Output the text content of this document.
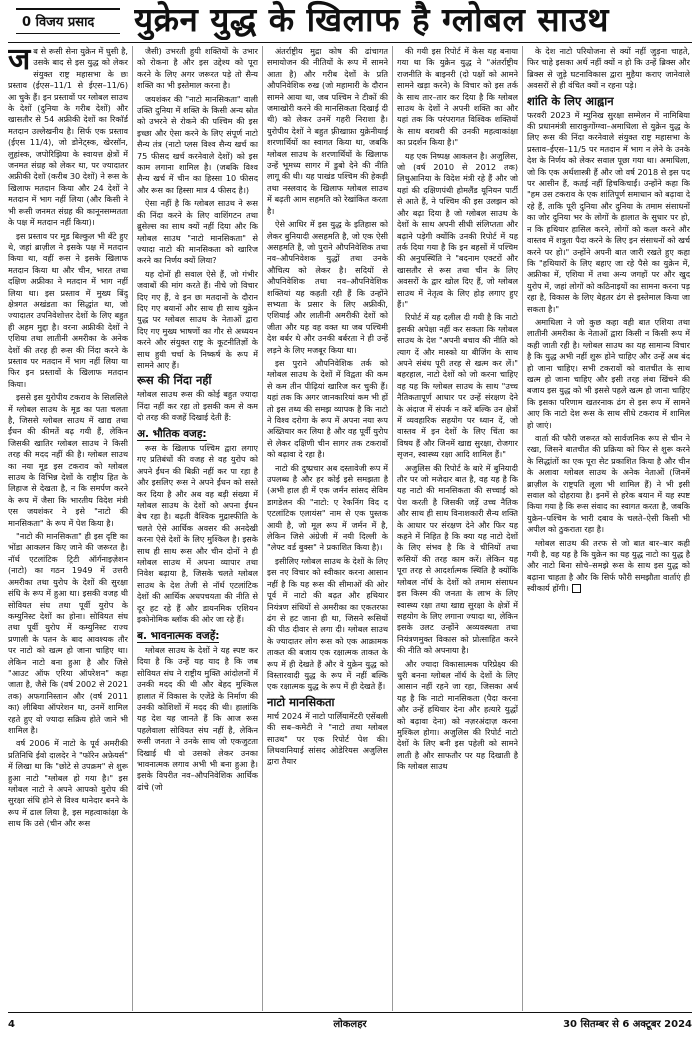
0 विजय प्रसाद	युक्रेन युद्ध के खिलाफ है ग्लोबल साउथ

जब से रूसी सेना युक्रेन में घुसी है, उसके बाद से इस युद्ध को लेकर संयुक्त राष्ट्र महासभा के छः प्रस्ताव (ईएस–11/1 से ईएस–11/6) आ चुके हैं। इन प्रस्तावों पर ग्लोबल साउथ के देशों (दुनिया के गरीब देशों) और खासतौर से 54 अफ्रीकी देशों का रिकॉर्ड मतदान उल्लेखनीय है। सिर्फ एक प्रस्ताव (ईएस 11/4), जो डोनेट्स्क, खेरसॉन, लुहांस्क, जपोरिझिया के स्वायत्त क्षेत्रों में जनमत संग्रह को लेकर था, पर ज्यादातर अफ्रीकी देशों (करीब 30 देशों) ने रूस के खिलाफ मतदान किया और 24 देशों ने मतदान में भाग नहीं लिया (और किसी ने भी रूसी जनमत संग्रह की कानूनसम्मतता के पक्ष में मतदान नहीं किया)।

इस प्रस्ताव पर मूड बिल्कुल भी बँटे हुए थे, जहां ब्राज़ील ने इसके पक्ष में मतदान किया था, वहीं रूस ने इसके खिलाफ मतदान किया था और चीन, भारत तथा दक्षिण अफ्रीका ने मतदान में भाग नहीं लिया था। इस प्रस्ताव में मुख्य बिंदु क्षेत्रगत अखंडता का सिद्धांत था, जो ज्यादातर उपनिवेशोत्तर देशों के लिए बहुत ही अहम मुद्दा है। वरना अफ्रीकी देशों ने एशिया तथा लातीनी अमरीका के अनेक देशों की तरह ही रूस की निंदा करने के प्रस्ताव पर मतदान में भाग नहीं लिया या फिर इन प्रस्तावों के खिलाफ मतदान किया।

इससे इस युरोपीय टकराव के सिलसिले में ग्लोबल साउथ के मूड का पता चलता है, जिससे ग्लोबल साउथ में खाद्य तथा ईंधन की कीमतें बढ़ गयी हैं, लेकिन जिसकी खातिर ग्लोबल साउथ ने किसी तरह की मदद नहीं की है। ग्लोबल साउथ का नया मूड इस टकराव को ग्लोबल साउथ के विभिन्न देशों के राष्ट्रीय हित के लिहाज से देखता है, न कि समर्पण करने के रूप में जैसा कि भारतीय विदेश मंत्री एस जयशंकर ने इसे "नाटो की मानसिकता" के रूप में पेश किया है।

"नाटो की मानसिकता" ही इस दृष्टि का भोंडा आकलन किए जाने की जरूरत है। नॉर्थ एटलांटिक ट्रिटी ऑर्गनाइज़ेशन (नाटो) का गठन 1949 में उत्तरी अमरीका तथा युरोप के देशों की सुरक्षा संधि के रूप में हुआ था। इसकी वजह थी सोवियत संघ तथा पूर्वी युरोप के कम्युनिस्ट देशों का होना। सोवियत संघ तथा पूर्वी युरोप में कम्युनिस्ट राज्य प्रणाली के पतन के बाद आवश्यक तौर पर नाटो को खत्म हो जाना चाहिए था। लेकिन नाटो बना हुआ है और जिसे "आउट ऑफ एरिया ऑपरेशन" कहा जाता है, जैसे कि (वर्ष 2002 से 2021 तक) अफगानिस्तान और (वर्ष 2011 का) लीबिया ऑपरेशन था, उनमें शामिल रहते हुए वो ज्यादा सक्रिय होते जाने भी शामिल है।

वर्ष 2006 में नाटो के पूर्व अमरीकी प्रतिनिधि ईवो दालदेर ने "फॉरेन अफ़ेयर्स" में लिखा था कि "छोटे से उपक्रम" से शुरू हुआ नाटो "ग्लोबल हो गया है।" इस ग्लोबल नाटो ने अपने आपको युरोप की सुरक्षा संधि होने से विश्व थानेदार बनने के रूप में ढाल लिया है, इस महत्वाकांक्षा के साथ कि उसे (चीन और रूस

जैसी) उभरती हुयी शक्तियों के उभार को रोकना है और इस उद्देश्य को पूरा करने के लिए अगर जरूरत पड़े तो सैन्य शक्ति का भी इस्तेमाल करना है।

जयशंकर की "नाटो मानसिकता" वाली उक्ति दुनिया में शक्ति के किसी अन्य स्रोत को उभरने से रोकने की पश्चिम की इस इच्छा और ऐसा करने के लिए संपूर्ण नाटो सैन्य तंत्र (नाटो प्लस विश्व सैन्य खर्च का 75 फीसद खर्च करनेवाले देशों) को इस काम लगाना शामिल है। (जबकि विश्व सैन्य खर्च में चीन का हिस्सा 10 फीसद और रूस का हिस्सा मात्र 4 फीसद है।)

ऐसा नहीं है कि ग्लोबल साउथ ने रूस की निंदा करने के लिए वाशिंगटन तथा ब्रुसेल्स का साथ क्यों नहीं दिया और कि ग्लोबल साउथ "नाटो मानसिकता" से ज्यादा नाटो की मानसिकता को खारिज करने का निर्णय क्यों लिया?

यह दोनों ही सवाल ऐसे हैं, जो गंभीर जवाबों की मांग करते हैं। नीचे जो विचार दिए गए हैं, वे इन छः मतदानों के दौरान दिए गए बयानों और साथ ही साथ युक्रेन युद्ध पर ग्लोबल साउथ के नेताओं द्वारा दिए गए मुख्य भाषणों का गौर से अध्ययन करने और संयुक्त राष्ट्र के कूटनीतिज्ञों के साथ हुयी चर्चा के निष्कर्ष के रूप में सामने आए हैं।

रूस की निंदा नहीं

ग्लोबल साउथ रूस की कोई बहुत ज्यादा निंदा नहीं कर रहा तो इसकी कम से कम दो तरह की वजहें दिखाई देती हैं:

अ. भौतिक वजह:

रूस के खिलाफ पश्चिम द्वारा लगाए गए प्रतिबंधों की वजह से वह युरोप को अपने ईंधन की बिक्री नहीं कर पा रहा है और इसलिए रूस ने अपने ईंधन को सस्ते कर दिया है और अब वह बड़ी संख्या में ग्लोबल साउथ के देशों को अपना ईंधन बेच रहा है। बढ़ती वैश्विक मुद्रास्फीति के चलते ऐसे आर्थिक अवसर की अनदेखी करना ऐसे देशों के लिए मुश्किल है। इसके साथ ही साथ रूस और चीन दोनों ने ही ग्लोबल साउथ में अपना व्यापार तथा निवेश बढ़ाया है, जिसके चलते ग्लोबल साउथ के देश तेजी से नॉर्थ एटलांटिक देशों की आर्थिक अधपचयता की नीति से दूर हट रहे हैं और डायनमिक एशियन इकोनोमिक ब्लॉक की ओर जा रहे हैं।

ब. भावनात्मक वजहें:

ग्लोबल साउथ के देशों ने यह स्पष्ट कर दिया है कि उन्हें यह याद है कि जब सोवियत संघ ने राष्ट्रीय मुक्ति आंदोलनों में उनकी मदद की थी और बेहद मुश्किल हालात में विकास के एजेंडे के निर्माण की उनकी कोशिशों में मदद की थी। हालांकि यह देश यह जानते हैं कि आज रूस पहलेवाला सोवियत संघ नहीं है, लेकिन रूसी जनता ने उनके साथ जो एकजुटता दिखाई थी वो उसको लेकर उनका भावनात्मक लगाव अभी भी बना हुआ है। इसके विपरीत नव–औपनिवेशिक आर्थिक ढांचे (जो

अंतर्राष्ट्रीय मुद्रा कोष की ढांचागत समायोजन की नीतियों के रूप में सामने आता है) और गरीब देशों के प्रति औपनिवेशिक रुख (जो महामारी के दौरान सामने आया था, जब पश्चिम ने टीकों की जमाखोरी करने की मानसिकता दिखाई दी थी) को लेकर उनमें गहरी निराशा है। युरोपीय देशों ने बहुत फ़्रीखाफ़ा युक्रेनीयाई शरणार्थियों का स्वागत किया था, जबकि ग्लोबल साउथ के शरणार्थियों के खिलाफ उन्हें भूमध्य सागर में डुबो देने की नीति लागू की थी। यह पाखंड पश्चिम की हेकड़ी तथा नस्लवाद के खिलाफ ग्लोबल साउथ में बढ़ती आम सहमति को रेखांकित करता है।

ऐसे आधिर में इस युद्ध के इतिहास को लेकर बुनियादी असहमति है, जो एक ऐसी असहमति है, जो पुराने औपनिवेशिक तथा नव–औपनिवेशक युद्धों तथा उनके औचित्य को लेकर है। सदियों से औपनिवेशिक तथा नव–औपनिवेशिक शक्तियां यह कहती रही हैं कि उन्होंने सभ्यता के प्रसार के लिए अफ्रीकी, एशियाई और लातीनी अमरीकी देशों को जीता और यह वह वक्त था जब पश्चिमी देश बर्बर थे और उनकी बर्बरता ने ही उन्हें लड़ने के लिए मजबूर किया था।

इस पुराने औपनिवेशिक तर्क को ग्लोबल साउथ के देशों में विद्वता की कम से कम तीन पीढ़ियां खारिज कर चुकी हैं। यहां तक कि अगर जानकारियां कम भी हों तो इस तथ्य की समझ व्यापक है कि नाटो ने विश्व दरोगा के रूप में अपना नया रूप अख्तियार कर लिया है और वह पूर्वी युरोप से लेकर दक्षिणी चीन सागर तक टकरावों को बढ़ावा दे रहा है।

नाटो की दुष्प्रचार अब दस्तावेजी रूप में उपलब्ध है और हर कोई इसे समझता है (अभी हाल ही में एक जर्मन सांसद सेविम डागडेलन की "नाटो: ए रेकनिंग विद द एटलांटिक एलायंस" नाम से एक पुस्तक आयी है, जो मूल रूप में जर्मन में है, लेकिन जिसे अंग्रेजी में नयी दिल्ली के "लेफ्ट वर्ड बुक्स" ने प्रकाशित किया है)।

इसीलिए ग्लोबल साउथ के देशों के लिए इस नए विचार को स्वीकार करना आसान नहीं है कि यह रूस की सीमाओं की ओर पूर्व में नाटो की बढ़त और हथियार नियंत्रण संधियों से अमरीका का एकतरफा ढंग से हट जाना ही था, जिसने रूसियों की पीठ दीवार से लगा दी। ग्लोबल साउथ के ज्यादातर लोग रूस को एक आक्रामक ताकत की बजाय एक रक्षात्मक ताकत के रूप में ही देखते हैं और वे युक्रेन युद्ध को विस्तारवादी युद्ध के रूप में नहीं बल्कि एक रक्षात्मक युद्ध के रूप में ही देखते हैं।

नाटो मानसिकता

मार्च 2024 में नाटो पार्लियामेंटरी एसेंबली की सब–कमेटी ने "नाटो तथा ग्लोबल साउथ" पर एक रिपोर्ट पेश की। लिथवानियाई सांसद ओडेरियस अजुलिस द्वारा तैयार

की गयी इस रिपोर्ट में केस यह बनाया गया था कि युक्रेन युद्ध ने "अंतर्राष्ट्रीय राजनीति के बाइनरी (दो पक्षों को आमने सामने खड़ा करने) के विचार को इस तर्क के साथ तार–तार कर दिया है कि ग्लोबल साउथ के देशों ने अपनी शक्ति का और यहां तक कि परंपरागत विश्विक शक्तियों के साथ बराबरी की उनकी महत्वाकांक्षा का प्रदर्शन किया है।"

यह एक निष्पक्ष आकलन है। अजुलिस, जो (वर्ष 2010 से 2012 तक) लिथुआनिया के विदेश मंत्री रहे हैं और जो यहां की दक्षिणपंथी होमलैंड यूनियन पार्टी से आते हैं, ने पश्चिम की इस उलझन को और बढ़ा दिया है जो ग्लोबल साउथ के देशों के साथ अपनी सीधी संलिप्तता और बढ़ाने पड़ेगी क्योंकि उनकी रिपोर्ट में यह तर्क दिया गया है कि इन बहसों में पश्चिम की अनुपस्थिति ने "बदनाम एक्टरों और खासतौर से रूस तथा चीन के लिए अवसरों के द्वार खोल दिए हैं, जो ग्लोबल साउथ में नेतृत्व के लिए होड़ लगाए हुए हैं।"

रिपोर्ट में यह दलील दी गयी है कि नाटो इसकी अपेक्षा नहीं कर सकता कि ग्लोबल साउथ के देश "अपनी बचाव की नीति को त्याग दें और मास्को या बीजिंग के साथ अपने संबंध पूरी तरह से खत्म कर लें।" बहरहाल, नाटो देशों को जो करना चाहिए वह यह कि ग्लोबल साउथ के साथ "उच्च नैतिकतापूर्ण आधार पर उन्हें संरक्षण देने के अंदाज में संपर्क न करें बल्कि उन क्षेत्रों में व्यवहारिक सहयोग पर ध्यान दें, जो वास्तव में इन देशों के लिए चिंता का विषय हैं और जिनमें खाद्य सुरक्षा, रोजगार सृजन, स्वास्थ्य रक्षा आदि शामिल हैं।"

अजुलिस की रिपोर्ट के बारे में बुनियादी तौर पर जो मजेदार बात है, वह यह है कि यह नाटो की मानसिकता की सच्चाई को पेश करती है जिसकी जड़ें उच्च नैतिक और साथ ही साथ विनाशकारी सैन्य शक्ति के आधार पर संरक्षण देने और फिर यह कहने में निहित है कि क्या यह नाटो देशों के लिए संभव है कि वे चीनियों तथा रूसियों की तरह काम करें। लेकिन यह पूरा तरह से आदर्शात्मक स्थिति है क्योंकि ग्लोबल नॉर्थ के देशों को तमाम संसाधन इस किस्म की जनता के लाभ के लिए स्वास्थ्य रक्षा तथा खाद्य सुरक्षा के क्षेत्रों में सहयोग के लिए लगाना ज्यादा था, लेकिन इसके उलट उन्होंने अव्यवस्थता तथा नियंत्रणमुक्त विकास को प्रोत्साहित करने की नीति को अपनाया है।

और ज्यादा विकासात्मक परिप्रेक्ष्य की धुरी बनना ग्लोबल नॉर्थ के देशों के लिए आसान नहीं रहने जा रहा, जिसका अर्थ यह है कि नाटो मानसिकता (पैदा करना और उन्हें हथियार देना और हत्यारे युद्धों को बढ़ावा देना) को नज़रअंदाज़ करना मुश्किल होगा। अजुलिस की रिपोर्ट नाटो देशों के लिए बनी इस पहेली को सामने लाती है और साफतौर पर यह दिखाती है कि ग्लोबल साउथ

के देश नाटो परियोजना से क्यों नहीं जुड़ना चाहते, फिर चाहे इसका अर्थ नहीं क्यों न हो कि उन्हें ब्रिक्स और ब्रिक्स से जुड़े घटनाविकास द्वारा मुहैया कराए जानेवाले अवसरों से ही वंचित क्यों न रहना पड़े।

शांति के लिए आह्वान

फरवरी 2023 में म्युनिख सुरक्षा सम्मेलन में नामिबिया की प्रधानमंत्री साराकुगोंग्ग्वा–अमाधिला से युक्रेन युद्ध के लिए रूस की निंदा करनेवाले संयुक्त राष्ट्र महासभा के प्रस्ताव–ईएस–11/5 पर मतदान में भाग न लेने के उनके देश के निर्णय को लेकर सवाल पूछा गया था। अमाधिला, जो कि एक अर्थशास्त्री हैं और जो वर्ष 2018 से इस पद पर आसीन हैं, कतई नहीं हिचकिचाईं। उन्होंने कहा कि "हम उस टकराव के एक शांतिपूर्ण समाधान को बढ़ावा दे रहे हैं, ताकि पूरी दुनिया और दुनिया के तमाम संसाधनों का जोर दुनिया भर के लोगों के हालात के सुधार पर हो, न कि हथियार हासिल करने, लोगों को कत्ल करने और वास्तव में शत्रुता पैदा करने के लिए इन संसाधनों को खर्च करने पर हो।" उन्होंने अपनी बात जारी रखते हुए कहा कि "हथियारों के लिए बहाए जा रहे पैसे का युक्रेन में, अफ्रीका में, एशिया में तथा अन्य जगहों पर और खुद युरोप में, जहां लोगों को कठिनाइयों का सामना करना पड़ रहा है, विकास के लिए बेहतर ढंग से इस्तेमाल किया जा सकता है।"

अमाधिला ने जो कुछ कहा वही बात एशिया तथा लातीनी अमरीका के नेताओं द्वारा किसी न किसी रूप में कही जाती रही है। ग्लोबल साउथ का यह सामान्य विचार है कि युद्ध अभी नहीं शुरू होने चाहिए और उन्हें अब बंद हो जाना चाहिए। सभी टकरावों को वातचीत के साथ खत्म हो जाना चाहिए और इसी तरह लंबा खिंचने की बजाय इस युद्ध को भी इससे पहले खत्म हो जाना चाहिए कि इसका परिणाम खतरनाक ढंग से इस रूप में सामने आए कि नाटो देश रूस के साथ सीधे टकराव में शामिल हो जाएं।

वार्ता की फौरी जरूरत को सार्वजनिक रूप से चीन ने रखा, जिसने बातचीत की प्रक्रिया को फिर से शुरू करने के सिद्धांतों का एक पूरा सेट प्रकाशित किया है और चीन के अलावा ग्लोबल साउथ के अनेक नेताओं (जिनमें ब्राज़ील के राष्ट्रपति लूला भी शामिल हैं) ने भी इसी सवाल को दोहराया है। इनमें से हरेक बयान में यह स्पष्ट किया गया है कि रूस संवाद का स्वागत करता है, जबकि युक्रेन–पश्चिम के भारी दबाव के चलते–ऐसी किसी भी अपील को ठुकराता रहा है।

ग्लोबल साउथ की तरफ से जो बात बार–बार कही गयी है, वह यह है कि युक्रेन का यह युद्ध नाटो का युद्ध है और नाटो बिना सोचे–समझे रूस के साथ इस युद्ध को बढ़ाना चाहता है और कि सिर्फ फौरी समझौता वार्ताएं ही स्वीकार्य होंगी।

4	लोकलहर	30 सितम्बर से 6 अक्टूबर 2024
